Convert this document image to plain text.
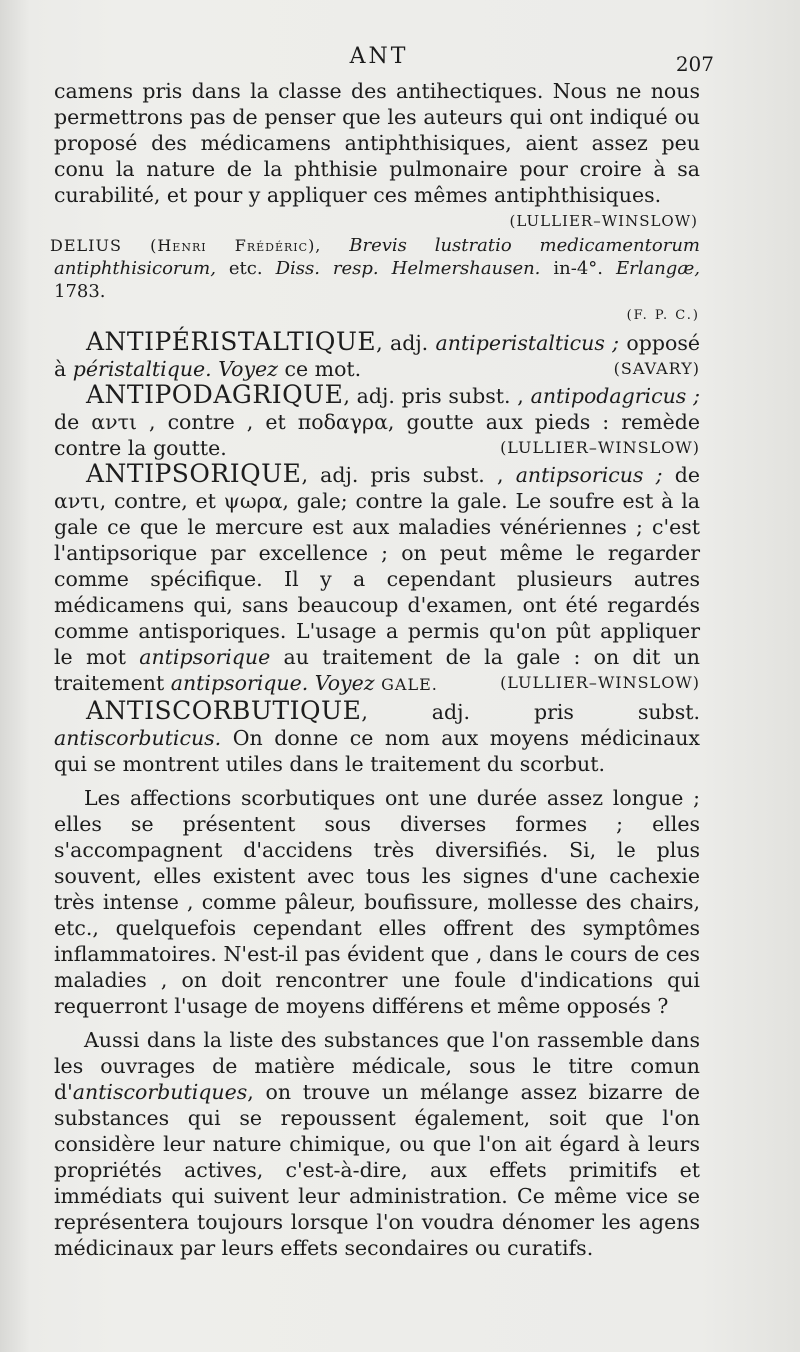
ANT	207

camens pris dans la classe des antihectiques. Nous ne nous permettrons pas de penser que les auteurs qui ont indiqué ou proposé des médicamens antiphthisiques, aient assez peu conu la nature de la phthisie pulmonaire pour croire à sa curabilité, et pour y appliquer ces mêmes antiphthisiques.

(LULLIER–WINSLOW)

DELIUS (Henri Frédéric), Brevis lustratio medicamentorum antiphthisicorum, etc. Diss. resp. Helmershausen. in-4°. Erlangæ, 1783.

(F. P. C.)

ANTIPÉRISTALTIQUE, adj. antiperistalticus ; opposé à péristaltique. Voyez ce mot.	(SAVARY)

ANTIPODAGRIQUE, adj. pris subst. , antipodagricus ; de αντι , contre , et ποδαγρα, goutte aux pieds : remède contre la goutte.	(LULLIER–WINSLOW)

ANTIPSORIQUE, adj. pris subst. , antipsoricus ; de αντι, contre, et ψωρα, gale; contre la gale. Le soufre est à la gale ce que le mercure est aux maladies vénériennes ; c'est l'antipsorique par excellence ; on peut même le regarder comme spécifique. Il y a cependant plusieurs autres médicamens qui, sans beaucoup d'examen, ont été regardés comme antisporiques. L'usage a permis qu'on pût appliquer le mot antipsorique au traitement de la gale : on dit un traitement antipsorique. Voyez GALE.	(LULLIER–WINSLOW)

ANTISCORBUTIQUE, adj. pris subst. antiscorbuticus. On donne ce nom aux moyens médicinaux qui se montrent utiles dans le traitement du scorbut.

Les affections scorbutiques ont une durée assez longue ; elles se présentent sous diverses formes ; elles s'accompagnent d'accidens très diversifiés. Si, le plus souvent, elles existent avec tous les signes d'une cachexie très intense , comme pâleur, boufissure, mollesse des chairs, etc., quelquefois cependant elles offrent des symptômes inflammatoires. N'est-il pas évident que , dans le cours de ces maladies , on doit rencontrer une foule d'indications qui requerront l'usage de moyens différens et même opposés ?

Aussi dans la liste des substances que l'on rassemble dans les ouvrages de matière médicale, sous le titre comun d'antiscorbutiques, on trouve un mélange assez bizarre de substances qui se repoussent également, soit que l'on considère leur nature chimique, ou que l'on ait égard à leurs propriétés actives, c'est-à-dire, aux effets primitifs et immédiats qui suivent leur administration. Ce même vice se représentera toujours lorsque l'on voudra dénomer les agens médicinaux par leurs effets secondaires ou curatifs.
